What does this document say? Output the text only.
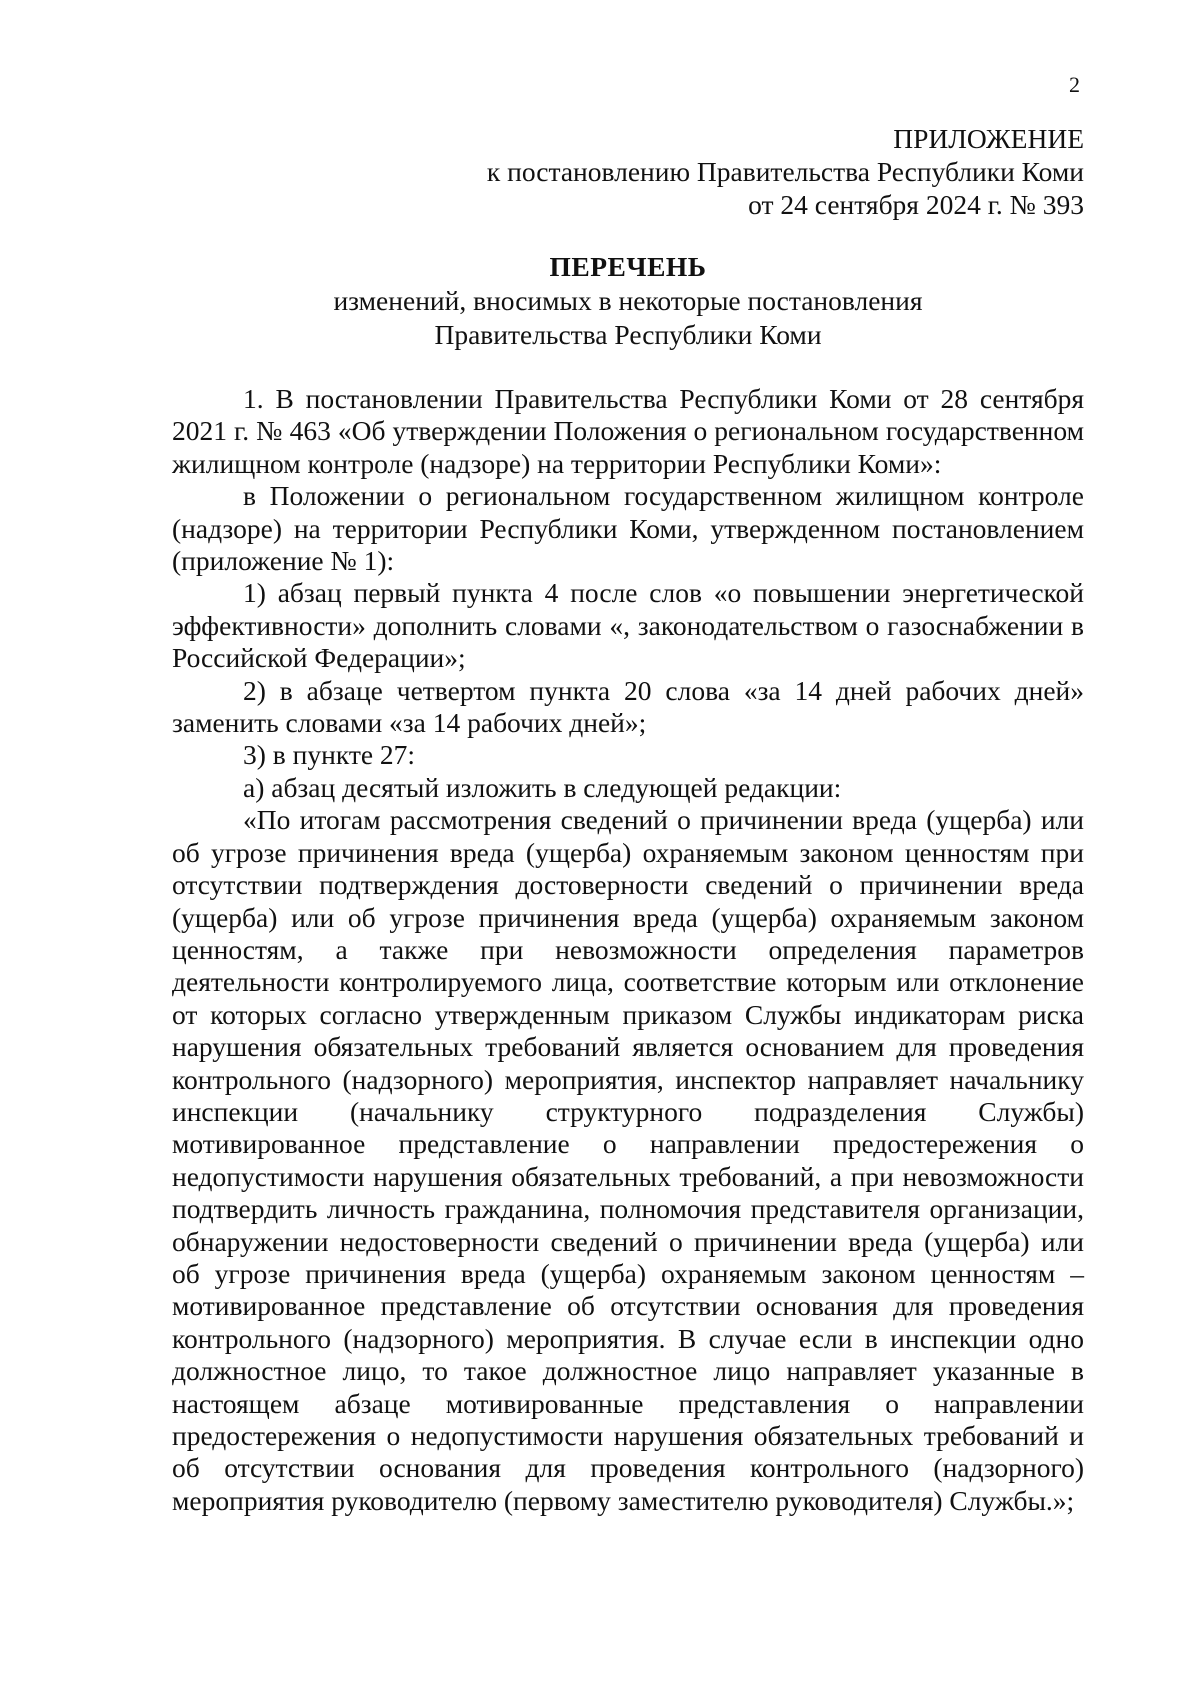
2
ПРИЛОЖЕНИЕ
к постановлению Правительства Республики Коми
от 24 сентября 2024 г. № 393
ПЕРЕЧЕНЬ
изменений, вносимых в некоторые постановления
Правительства Республики Коми

1. В постановлении Правительства Республики Коми от 28 сентября 2021 г. № 463 «Об утверждении Положения о региональном государственном жилищном контроле (надзоре) на территории Республики Коми»:

в Положении о региональном государственном жилищном контроле (надзоре) на территории Республики Коми, утвержденном постановлением (приложение № 1):

1) абзац первый пункта 4 после слов «о повышении энергетической эффективности» дополнить словами «, законодательством о газоснабжении в Российской Федерации»;

2) в абзаце четвертом пункта 20 слова «за 14 дней рабочих дней» заменить словами «за 14 рабочих дней»;

3) в пункте 27:

а) абзац десятый изложить в следующей редакции:

«По итогам рассмотрения сведений о причинении вреда (ущерба) или об угрозе причинения вреда (ущерба) охраняемым законом ценностям при отсутствии подтверждения достоверности сведений о причинении вреда (ущерба) или об угрозе причинения вреда (ущерба) охраняемым законом ценностям, а также при невозможности определения параметров деятельности контролируемого лица, соответствие которым или отклонение от которых согласно утвержденным приказом Службы индикаторам риска нарушения обязательных требований является основанием для проведения контрольного (надзорного) мероприятия, инспектор направляет начальнику инспекции (начальнику структурного подразделения Службы) мотивированное представление о направлении предостережения о недопустимости нарушения обязательных требований, а при невозможности подтвердить личность гражданина, полномочия представителя организации, обнаружении недостоверности сведений о причинении вреда (ущерба) или об угрозе причинения вреда (ущерба) охраняемым законом ценностям – мотивированное представление об отсутствии основания для проведения контрольного (надзорного) мероприятия. В случае если в инспекции одно должностное лицо, то такое должностное лицо направляет указанные в настоящем абзаце мотивированные представления о направлении предостережения о недопустимости нарушения обязательных требований и об отсутствии основания для проведения контрольного (надзорного) мероприятия руководителю (первому заместителю руководителя) Службы.»;
